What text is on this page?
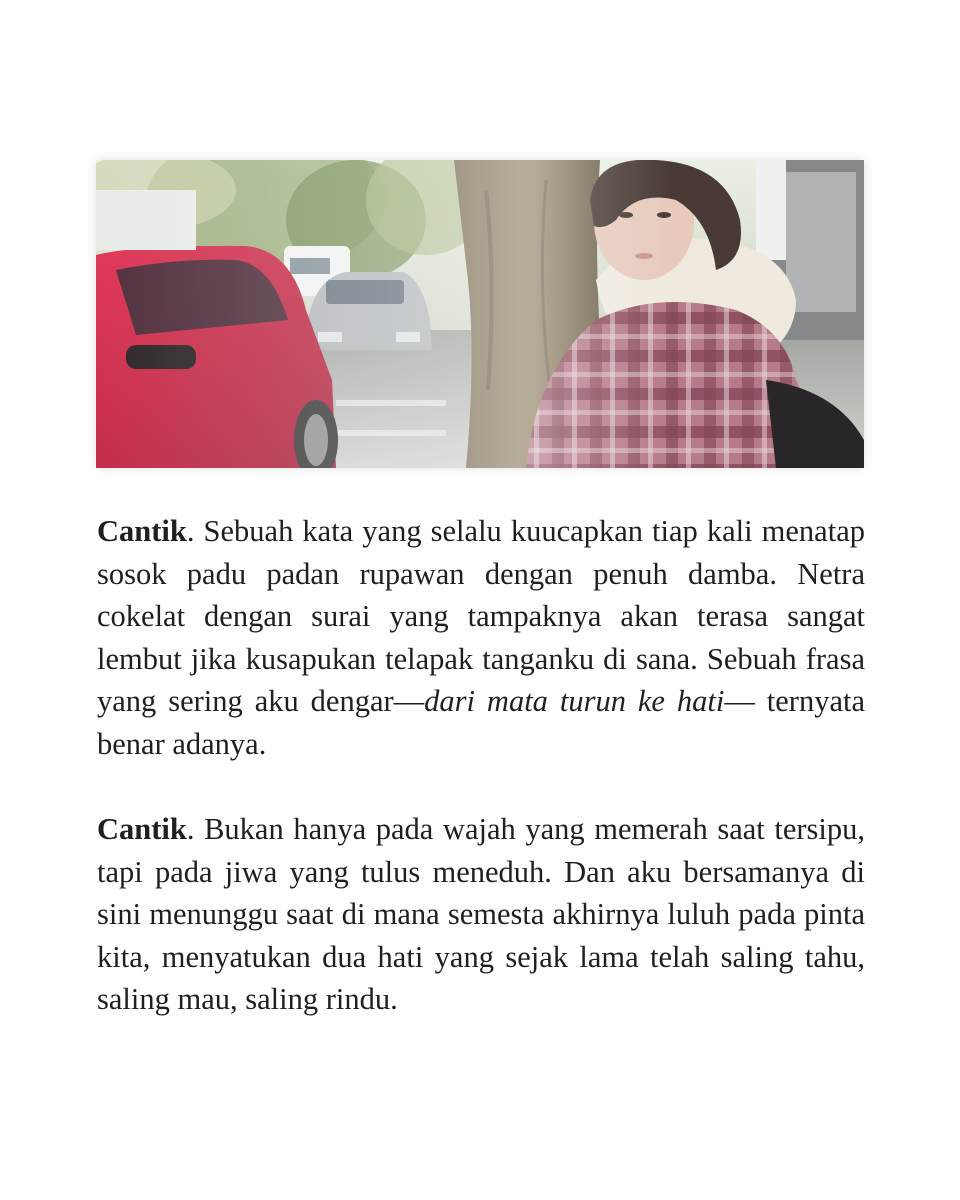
Cantik. Sebuah kata yang selalu kuucapkan tiap kali menatap sosok padu padan rupawan dengan penuh damba. Netra cokelat dengan surai yang tampaknya akan terasa sangat lembut jika kusapukan telapak tanganku di sana. Sebuah frasa yang sering aku dengar—dari mata turun ke hati— ternyata benar adanya.

Cantik. Bukan hanya pada wajah yang memerah saat tersipu, tapi pada jiwa yang tulus meneduh. Dan aku bersamanya di sini menunggu saat di mana semesta akhirnya luluh pada pinta kita, menyatukan dua hati yang sejak lama telah saling tahu, saling mau, saling rindu.
